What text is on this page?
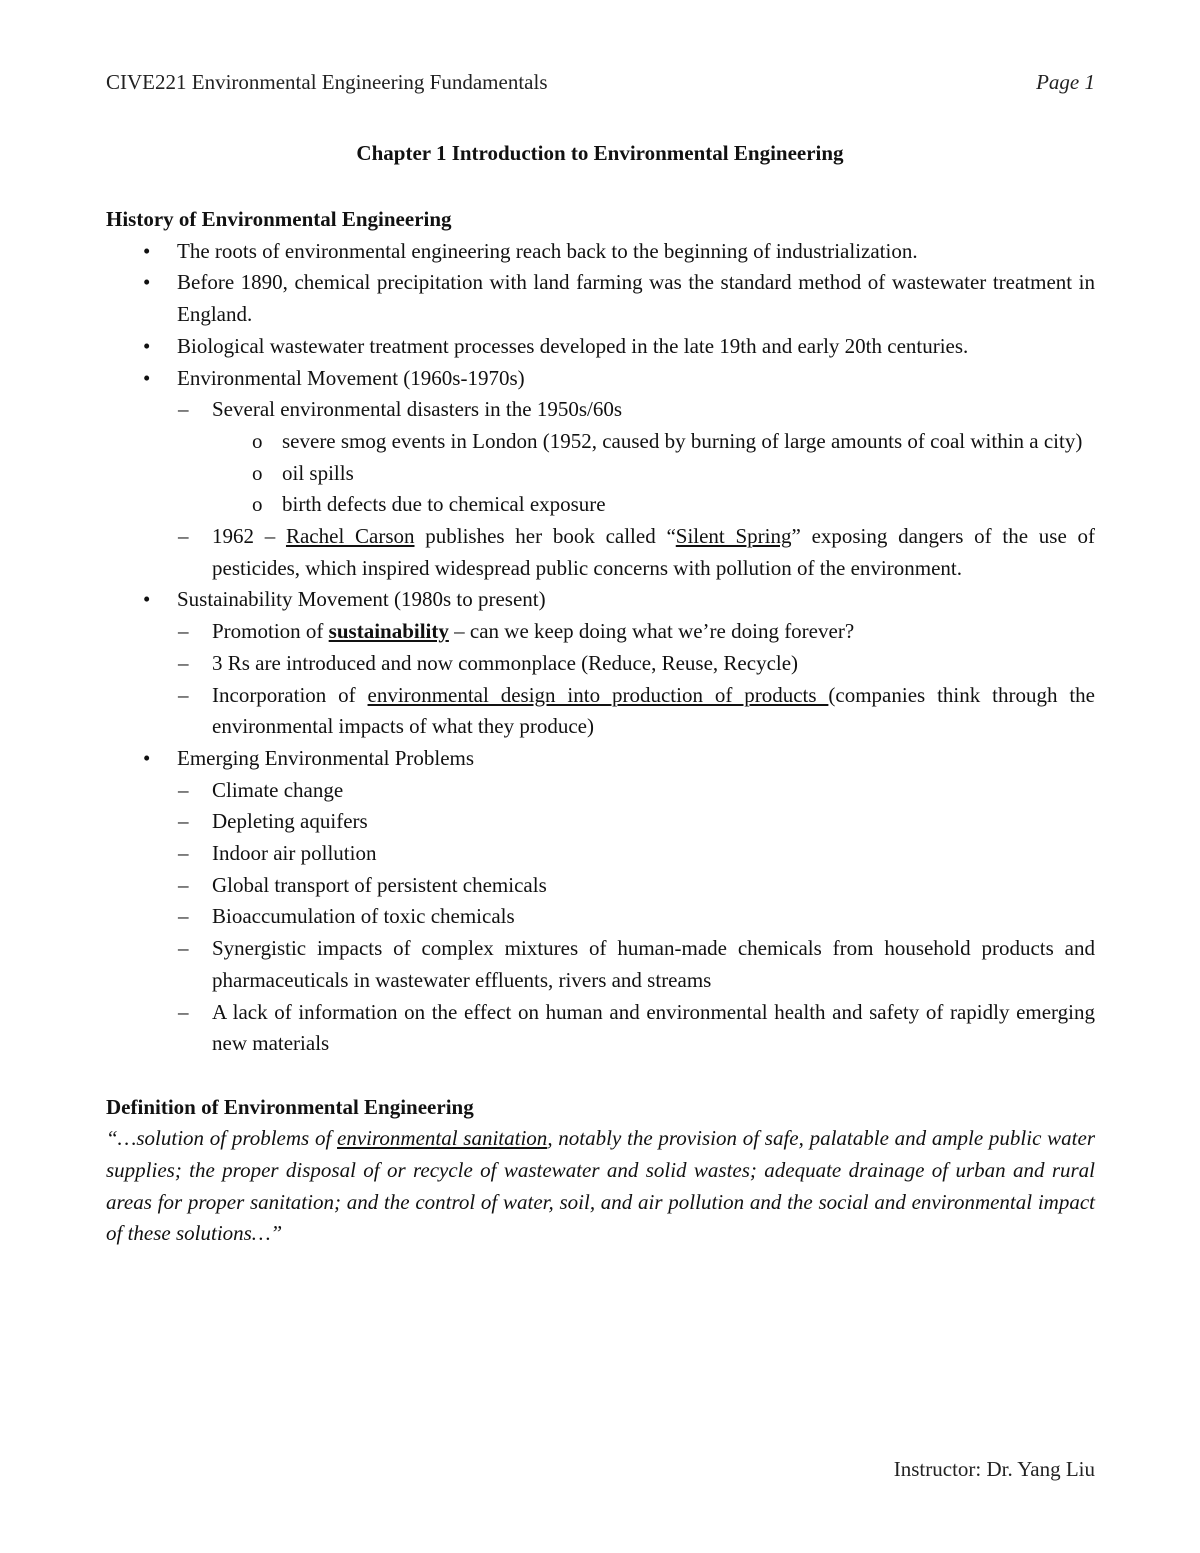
CIVE221 Environmental Engineering Fundamentals	Page 1
Chapter 1 Introduction to Environmental Engineering
History of Environmental Engineering
• The roots of environmental engineering reach back to the beginning of industrialization.
• Before 1890, chemical precipitation with land farming was the standard method of wastewater treatment in England.
• Biological wastewater treatment processes developed in the late 19th and early 20th centuries.
• Environmental Movement (1960s-1970s)
– Several environmental disasters in the 1950s/60s
o severe smog events in London (1952, caused by burning of large amounts of coal within a city)
o oil spills
o birth defects due to chemical exposure
– 1962 – Rachel Carson publishes her book called “Silent Spring” exposing dangers of the use of pesticides, which inspired widespread public concerns with pollution of the environment.
• Sustainability Movement (1980s to present)
– Promotion of sustainability – can we keep doing what we’re doing forever?
– 3 Rs are introduced and now commonplace (Reduce, Reuse, Recycle)
– Incorporation of environmental design into production of products (companies think through the environmental impacts of what they produce)
• Emerging Environmental Problems
– Climate change
– Depleting aquifers
– Indoor air pollution
– Global transport of persistent chemicals
– Bioaccumulation of toxic chemicals
– Synergistic impacts of complex mixtures of human-made chemicals from household products and pharmaceuticals in wastewater effluents, rivers and streams
– A lack of information on the effect on human and environmental health and safety of rapidly emerging new materials
Definition of Environmental Engineering
“…solution of problems of environmental sanitation, notably the provision of safe, palatable and ample public water supplies; the proper disposal of or recycle of wastewater and solid wastes; adequate drainage of urban and rural areas for proper sanitation; and the control of water, soil, and air pollution and the social and environmental impact of these solutions…”
Instructor: Dr. Yang Liu
